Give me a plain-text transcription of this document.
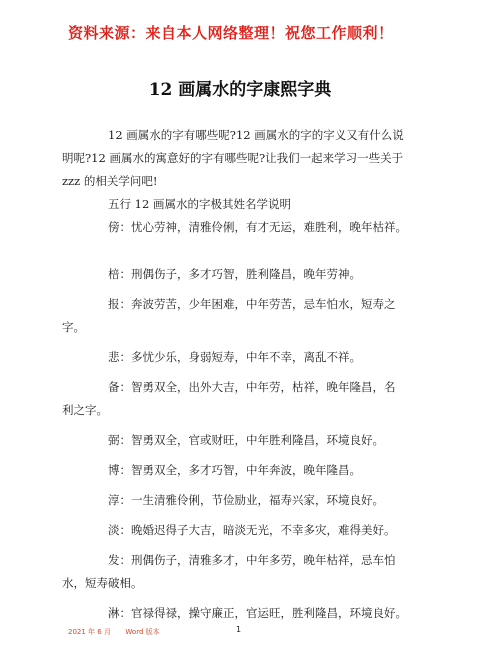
资料来源：来自本人网络整理！祝您工作顺利！
12 画属水的字康熙字典

12 画属水的字有哪些呢?12 画属水的字的字义又有什么说

明呢?12 画属水的寓意好的字有哪些呢?让我们一起来学习一些关于

zzz 的相关学问吧!

五行 12 画属水的字极其姓名学说明

傍：忧心劳神，清雅伶俐，有才无运，难胜利，晚年枯祥。
棓：刑偶伤子，多才巧智，胜利隆昌，晚年劳神。
报：奔波劳苦，少年困难，中年劳苦，忌车怕水，短寿之
字。
悲：多忧少乐，身弱短寿，中年不幸，离乱不祥。
备：智勇双全，出外大吉，中年劳，枯祥，晚年隆昌，名
利之字。
弼：智勇双全，官或财旺，中年胜利隆昌，环境良好。
博：智勇双全，多才巧智，中年奔波，晚年隆昌。
淳：一生清雅伶俐，节俭励业，福寿兴家，环境良好。
淡：晚婚迟得子大吉，暗淡无光，不幸多灾，难得美好。
发：刑偶伤子，清雅多才，中年多劳，晚年枯祥，忌车怕
水，短寿破相。
淋：官禄得禄，操守廉正，官运旺，胜利隆昌，环境良好。
2021 年 6 月 Word 版本	1
